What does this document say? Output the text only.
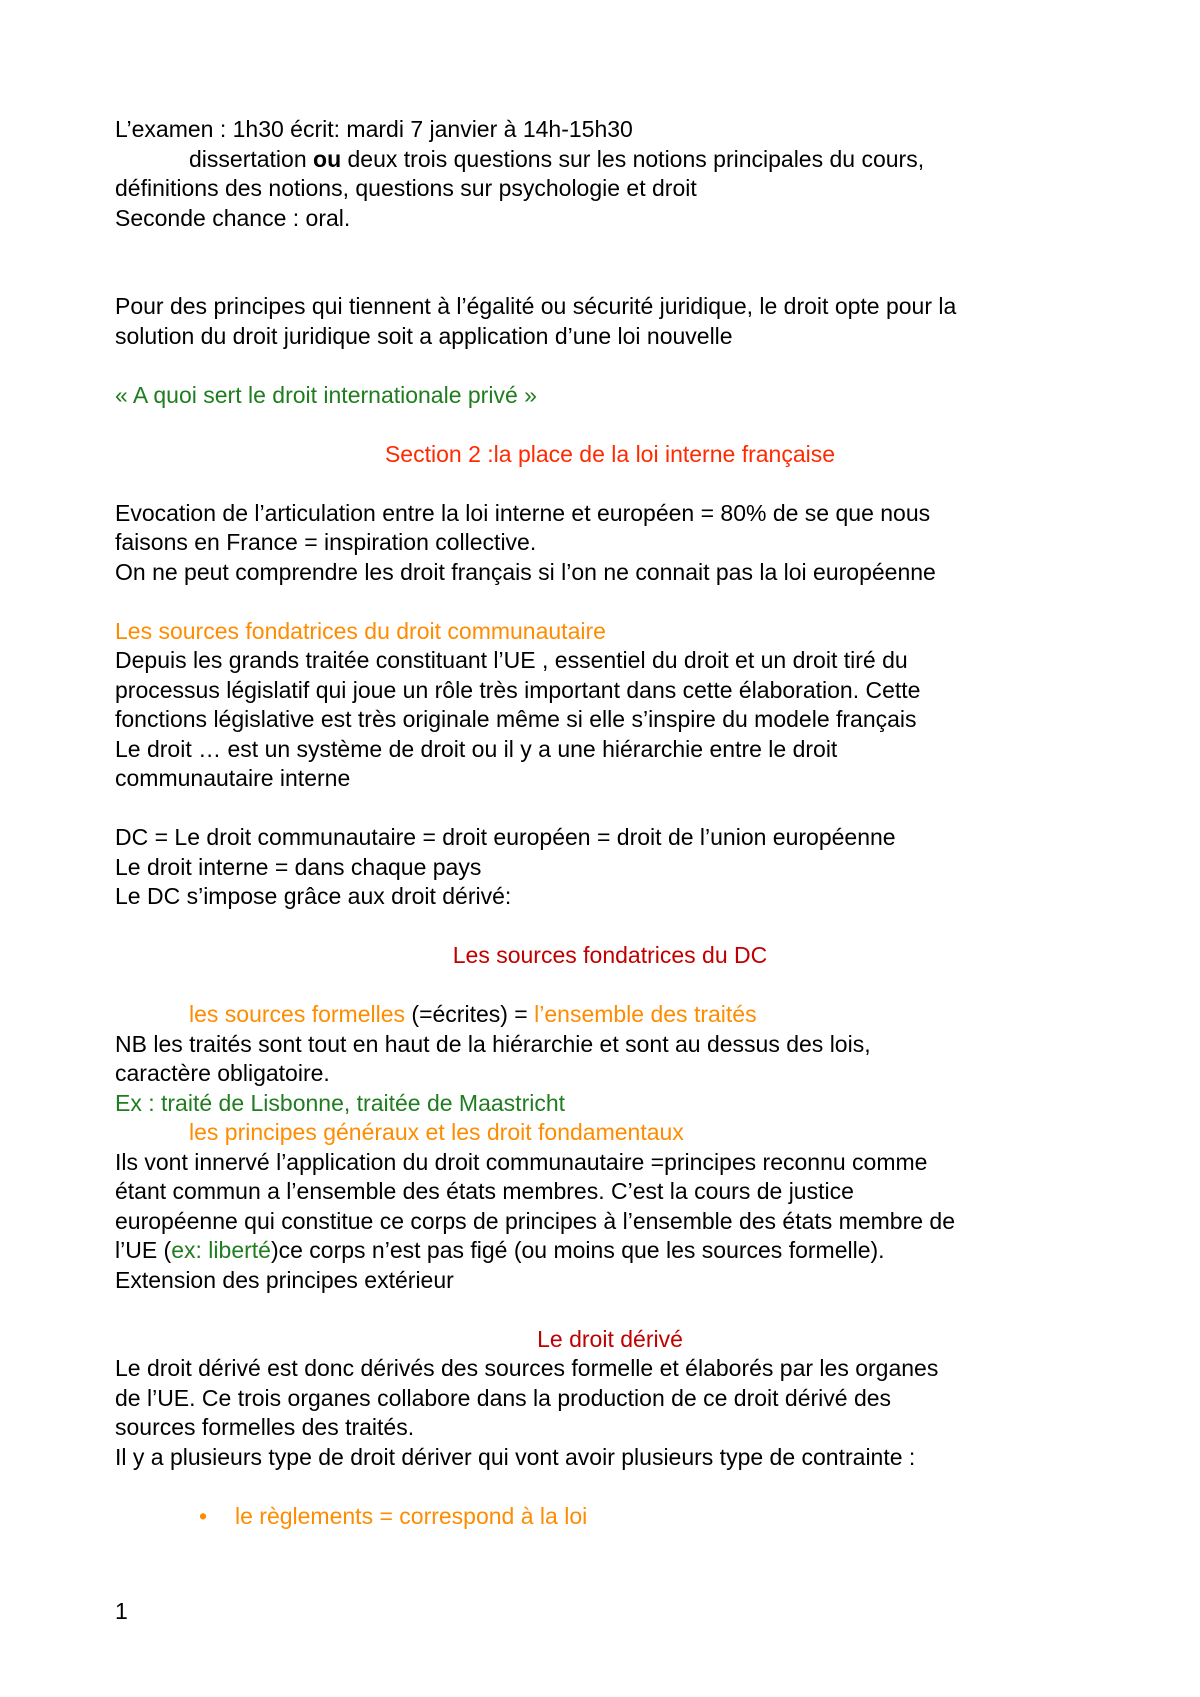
L’examen : 1h30 écrit: mardi 7 janvier à 14h-15h30

dissertation ou deux trois questions sur les notions principales du cours,

définitions des notions, questions sur psychologie et droit

Seconde chance : oral.

Pour des principes qui tiennent à l’égalité ou sécurité juridique, le droit opte pour la

solution du droit juridique soit a application d’une loi nouvelle

« A quoi sert le droit internationale privé »

Section 2 :la place de la loi interne française

Evocation de l’articulation entre la loi interne et européen = 80% de se que nous

faisons en France = inspiration collective.

On ne peut comprendre les droit français si l’on ne connait pas la loi européenne

Les sources fondatrices du droit communautaire

Depuis les grands traitée constituant l’UE , essentiel du droit et un droit tiré du

processus législatif qui joue un rôle très important dans cette élaboration. Cette

fonctions législative est très originale même si elle s’inspire du modele français

Le droit … est un système de droit ou il y a une hiérarchie entre le droit

communautaire interne

DC = Le droit communautaire = droit européen = droit de l’union européenne

Le droit interne = dans chaque pays

Le DC s’impose grâce aux droit dérivé:

Les sources fondatrices du DC

les sources formelles (=écrites) = l’ensemble des traités

NB les traités sont tout en haut de la hiérarchie et sont au dessus des lois,

caractère obligatoire.

Ex : traité de Lisbonne, traitée de Maastricht

les principes généraux et les droit fondamentaux

Ils vont innervé l’application du droit communautaire =principes reconnu comme

étant commun a l’ensemble des états membres. C’est la cours de justice

européenne qui constitue ce corps de principes à l’ensemble des états membre de

l’UE (ex: liberté)ce corps n’est pas figé (ou moins que les sources formelle).

Extension des principes extérieur

Le droit dérivé

Le droit dérivé est donc dérivés des sources formelle et élaborés par les organes

de l’UE. Ce trois organes collabore dans la production de ce droit dérivé des

sources formelles des traités.

Il y a plusieurs type de droit dériver qui vont avoir plusieurs type de contrainte :

• le règlements = correspond à la loi

1
